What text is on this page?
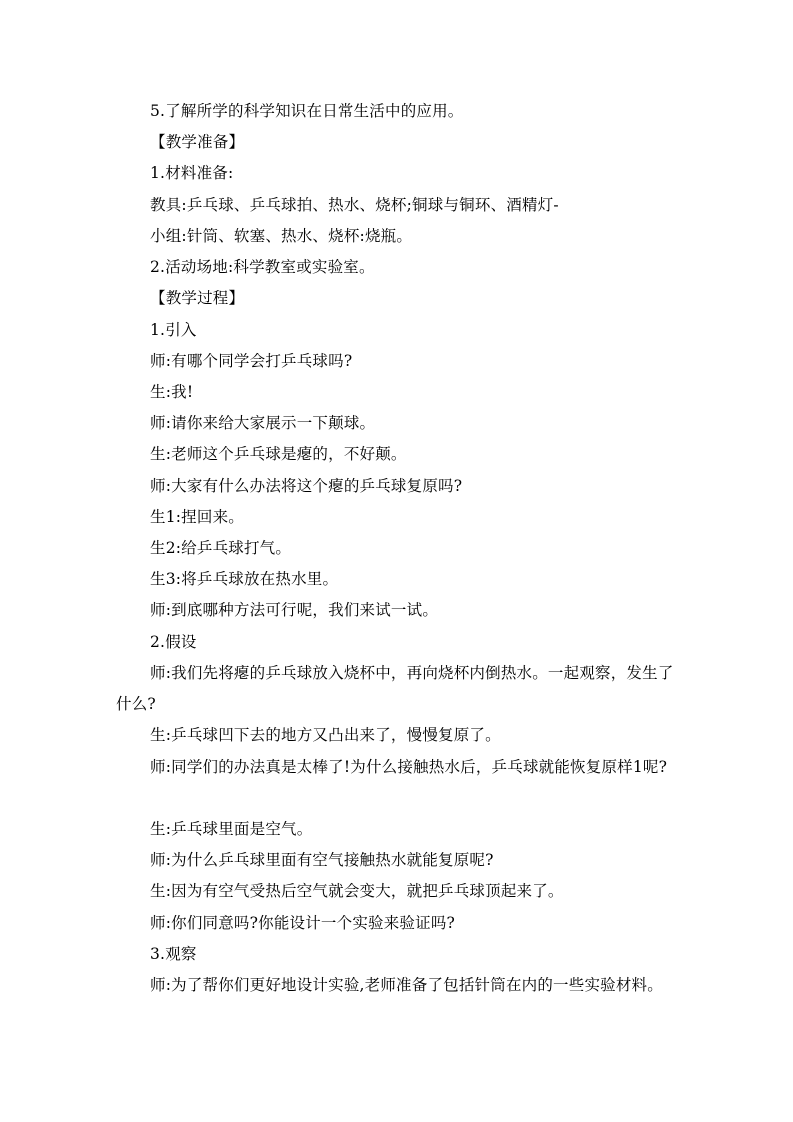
5.了解所学的科学知识在日常生活中的应用。
【教学准备】
1.材料准备:
教具:乒乓球、乒乓球拍、热水、烧杯;铜球与铜环、酒精灯-
小组:针筒、软塞、热水、烧杯:烧瓶。
2.活动场地:科学教室或实验室。
【教学过程】
1.引入
师:有哪个同学会打乒乓球吗?
生:我!
师:请你来给大家展示一下颠球。
生:老师这个乒乓球是瘪的，不好颠。
师:大家有什么办法将这个瘪的乒乓球复原吗?
生1:捏回来。
生2:给乒乓球打气。
生3:将乒乓球放在热水里。
师:到底哪种方法可行呢，我们来试一试。
2.假设
师:我们先将瘪的乒乓球放入烧杯中，再向烧杯内倒热水。一起观察，发生了什么?
生:乒乓球凹下去的地方又凸出来了，慢慢复原了。
师:同学们的办法真是太棒了!为什么接触热水后，乒乓球就能恢复原样1呢?
生:乒乓球里面是空气。
师:为什么乒乓球里面有空气接触热水就能复原呢?
生:因为有空气受热后空气就会变大，就把乒乓球顶起来了。
师:你们同意吗?你能设计一个实验来验证吗?
3.观察
师:为了帮你们更好地设计实验,老师准备了包括针筒在内的一些实验材料。
